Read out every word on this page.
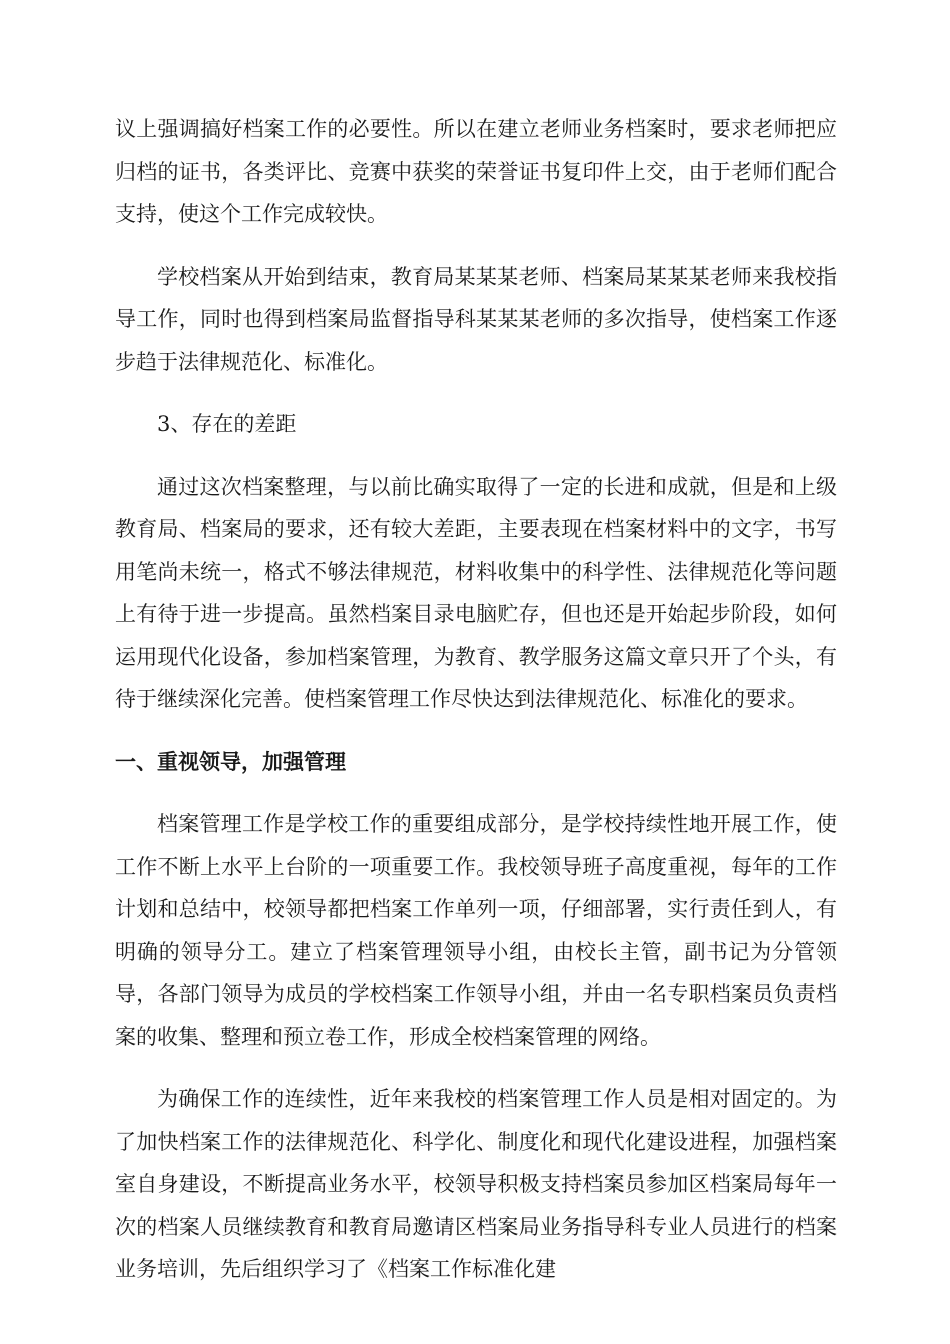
议上强调搞好档案工作的必要性。所以在建立老师业务档案时，要求老师把应归档的证书，各类评比、竞赛中获奖的荣誉证书复印件上交，由于老师们配合支持，使这个工作完成较快。

学校档案从开始到结束，教育局某某某老师、档案局某某某老师来我校指导工作，同时也得到档案局监督指导科某某某老师的多次指导，使档案工作逐步趋于法律规范化、标准化。

3、存在的差距

通过这次档案整理，与以前比确实取得了一定的长进和成就，但是和上级教育局、档案局的要求，还有较大差距，主要表现在档案材料中的文字，书写用笔尚未统一，格式不够法律规范，材料收集中的科学性、法律规范化等问题上有待于进一步提高。虽然档案目录电脑贮存，但也还是开始起步阶段，如何运用现代化设备，参加档案管理，为教育、教学服务这篇文章只开了个头，有待于继续深化完善。使档案管理工作尽快达到法律规范化、标准化的要求。

一、重视领导，加强管理

档案管理工作是学校工作的重要组成部分，是学校持续性地开展工作，使工作不断上水平上台阶的一项重要工作。我校领导班子高度重视，每年的工作计划和总结中，校领导都把档案工作单列一项，仔细部署，实行责任到人，有明确的领导分工。建立了档案管理领导小组，由校长主管，副书记为分管领导，各部门领导为成员的学校档案工作领导小组，并由一名专职档案员负责档案的收集、整理和预立卷工作，形成全校档案管理的网络。

为确保工作的连续性，近年来我校的档案管理工作人员是相对固定的。为了加快档案工作的法律规范化、科学化、制度化和现代化建设进程，加强档案室自身建设，不断提高业务水平，校领导积极支持档案员参加区档案局每年一次的档案人员继续教育和教育局邀请区档案局业务指导科专业人员进行的档案业务培训，先后组织学习了《档案工作标准化建
